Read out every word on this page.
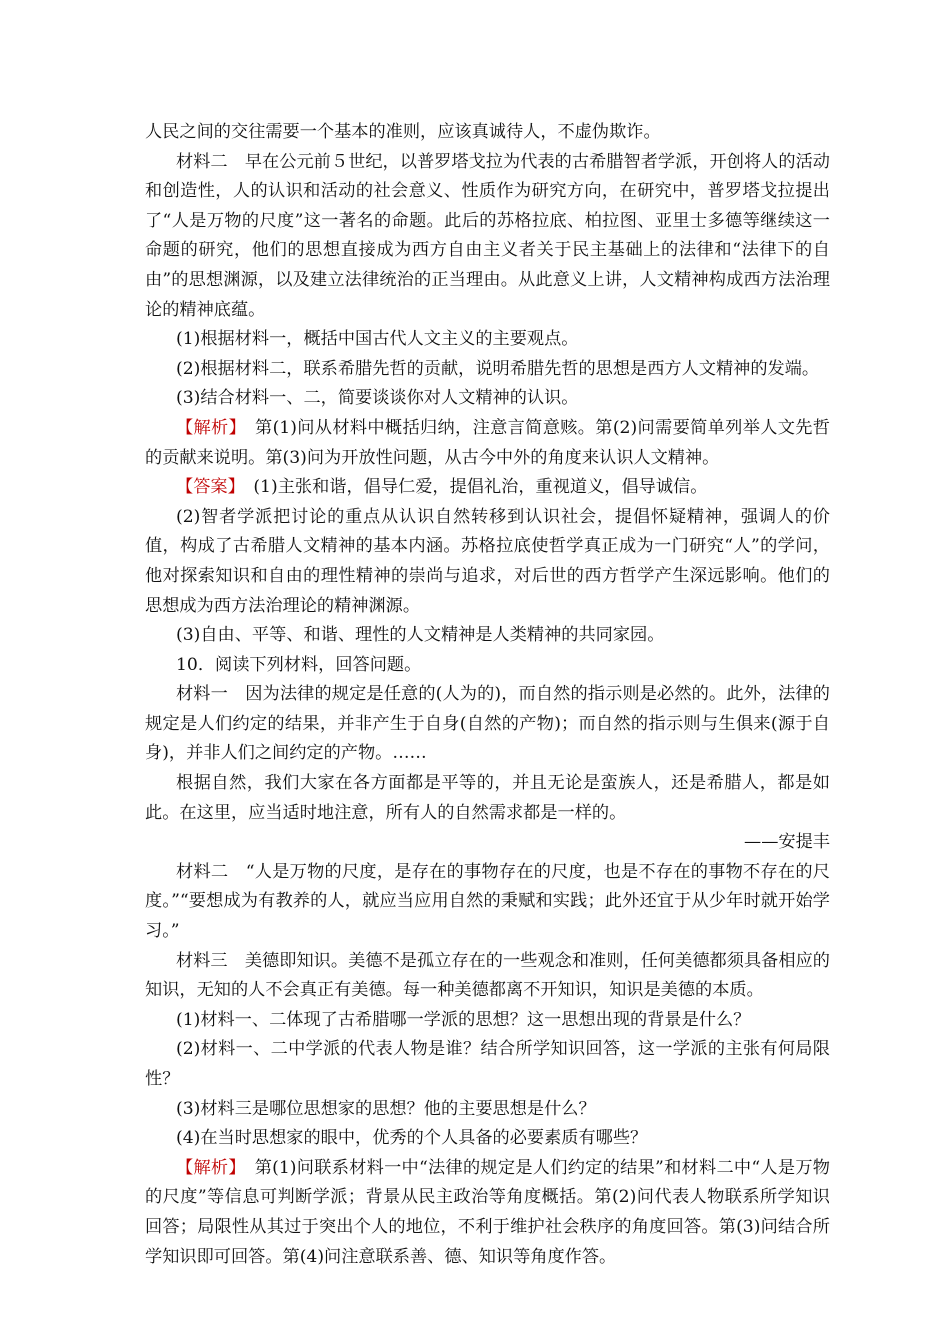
人民之间的交往需要一个基本的准则，应该真诚待人，不虚伪欺诈。

材料二　早在公元前５世纪，以普罗塔戈拉为代表的古希腊智者学派，开创将人的活动和创造性，人的认识和活动的社会意义、性质作为研究方向，在研究中，普罗塔戈拉提出了“人是万物的尺度”这一著名的命题。此后的苏格拉底、柏拉图、亚里士多德等继续这一命题的研究，他们的思想直接成为西方自由主义者关于民主基础上的法律和“法律下的自由”的思想渊源，以及建立法律统治的正当理由。从此意义上讲，人文精神构成西方法治理论的精神底蕴。

(1)根据材料一，概括中国古代人文主义的主要观点。

(2)根据材料二，联系希腊先哲的贡献，说明希腊先哲的思想是西方人文精神的发端。

(3)结合材料一、二，简要谈谈你对人文精神的认识。

【解析】　第(1)问从材料中概括归纳，注意言简意赅。第(2)问需要简单列举人文先哲的贡献来说明。第(3)问为开放性问题，从古今中外的角度来认识人文精神。

【答案】　(1)主张和谐，倡导仁爱，提倡礼治，重视道义，倡导诚信。

(2)智者学派把讨论的重点从认识自然转移到认识社会，提倡怀疑精神，强调人的价值，构成了古希腊人文精神的基本内涵。苏格拉底使哲学真正成为一门研究“人”的学问，他对探索知识和自由的理性精神的崇尚与追求，对后世的西方哲学产生深远影响。他们的思想成为西方法治理论的精神渊源。

(3)自由、平等、和谐、理性的人文精神是人类精神的共同家园。

10．阅读下列材料，回答问题。

材料一　因为法律的规定是任意的(人为的)，而自然的指示则是必然的。此外，法律的规定是人们约定的结果，并非产生于自身(自然的产物)；而自然的指示则与生俱来(源于自身)，并非人们之间约定的产物。……

根据自然，我们大家在各方面都是平等的，并且无论是蛮族人，还是希腊人，都是如此。在这里，应当适时地注意，所有人的自然需求都是一样的。

——安提丰

材料二　“人是万物的尺度，是存在的事物存在的尺度，也是不存在的事物不存在的尺度。”“要想成为有教养的人，就应当应用自然的秉赋和实践；此外还宜于从少年时就开始学习。”

材料三　美德即知识。美德不是孤立存在的一些观念和准则，任何美德都须具备相应的知识，无知的人不会真正有美德。每一种美德都离不开知识，知识是美德的本质。

(1)材料一、二体现了古希腊哪一学派的思想？这一思想出现的背景是什么？

(2)材料一、二中学派的代表人物是谁？结合所学知识回答，这一学派的主张有何局限性？

(3)材料三是哪位思想家的思想？他的主要思想是什么？

(4)在当时思想家的眼中，优秀的个人具备的必要素质有哪些？

【解析】　第(1)问联系材料一中“法律的规定是人们约定的结果”和材料二中“人是万物的尺度”等信息可判断学派；背景从民主政治等角度概括。第(2)问代表人物联系所学知识回答；局限性从其过于突出个人的地位，不利于维护社会秩序的角度回答。第(3)问结合所学知识即可回答。第(4)问注意联系善、德、知识等角度作答。
